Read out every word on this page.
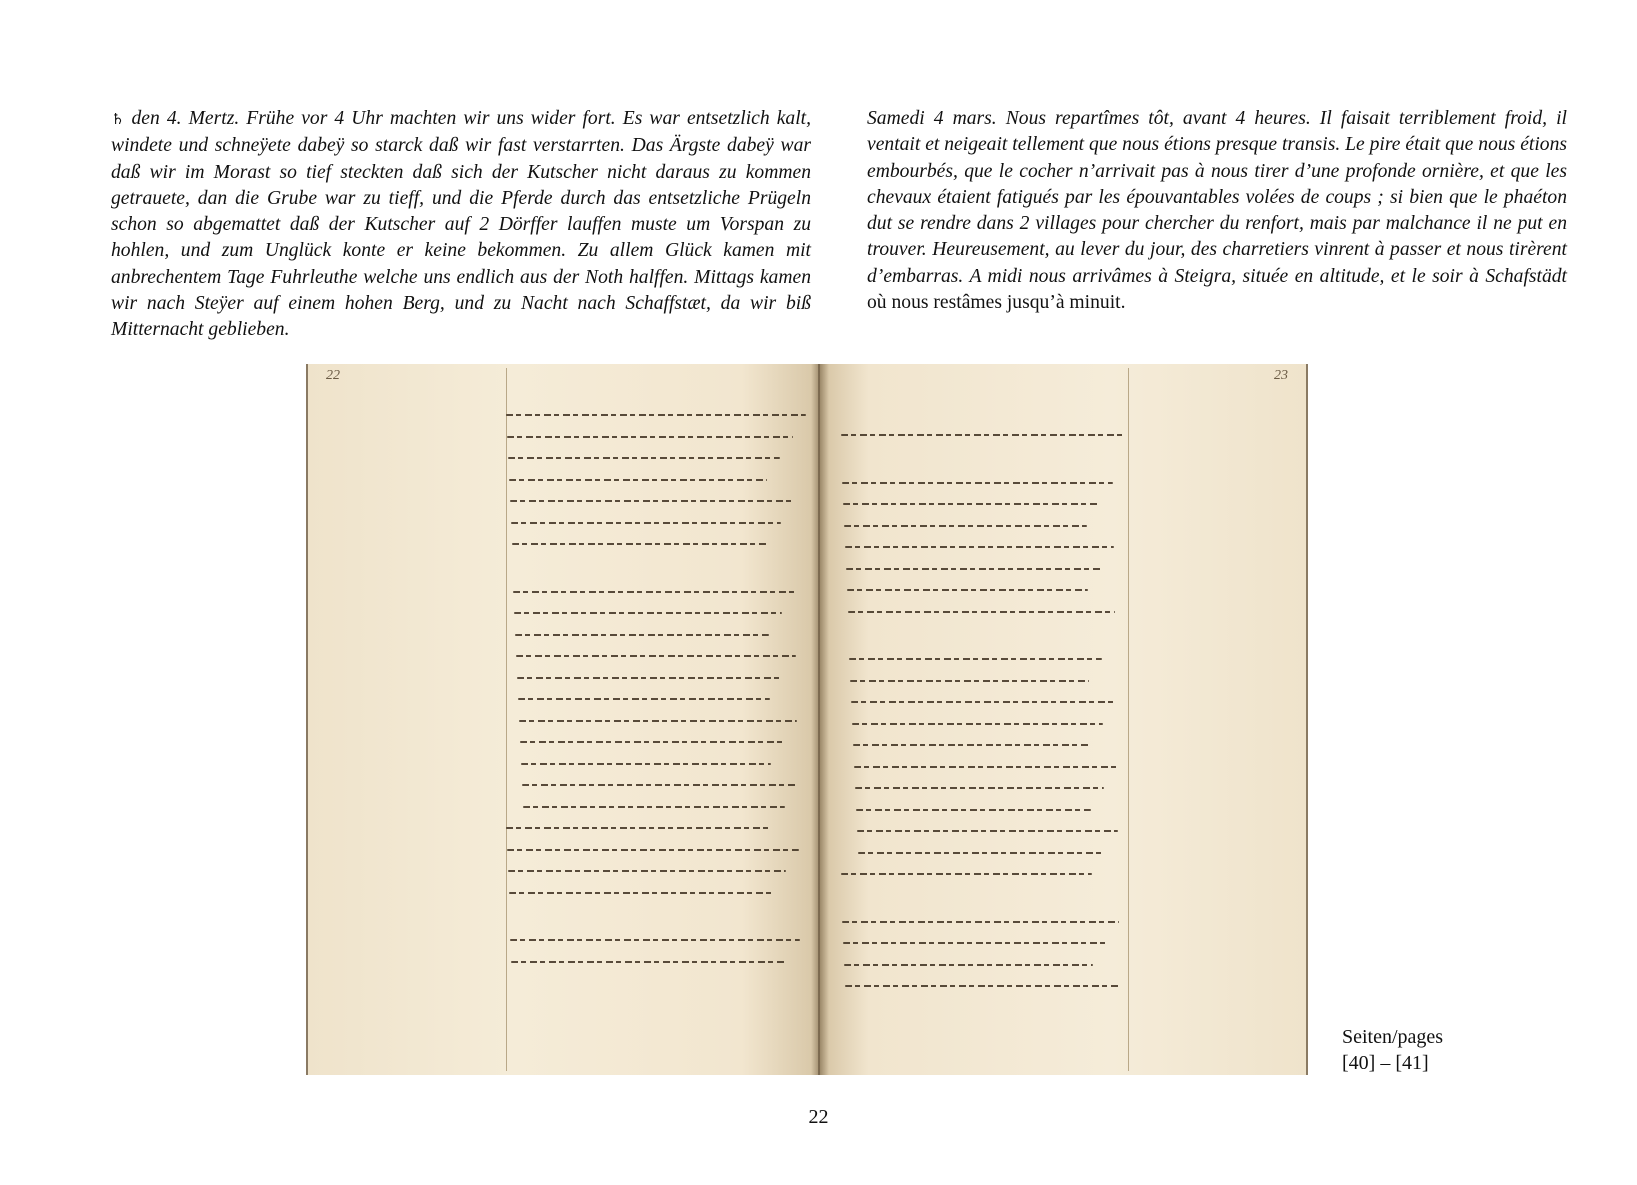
♄ den 4. Mertz. Frühe vor 4 Uhr machten wir uns wider fort. Es war entsetzlich kalt, windete und schneÿete dabeÿ so starck daß wir fast verstarrten. Das Ärgste dabeÿ war daß wir im Morast so tief steckten daß sich der Kutscher nicht daraus zu kommen getrauete, dan die Grube war zu tieff, und die Pferde durch das entsetzliche Prügeln schon so abgemattet daß der Kutscher auf 2 Dörffer lauffen muste um Vorspan zu hohlen, und zum Unglück konte er keine bekommen. Zu allem Glück kamen mit anbrechentem Tage Fuhrleuthe welche uns endlich aus der Noth halffen. Mittags kamen wir nach Steÿer auf einem hohen Berg, und zu Nacht nach Schaffstæt, da wir biß Mitternacht geblieben.

Samedi 4 mars. Nous repartîmes tôt, avant 4 heures. Il faisait terriblement froid, il ventait et neigeait tellement que nous étions presque transis. Le pire était que nous étions embourbés, que le cocher n’arrivait pas à nous tirer d’une profonde ornière, et que les chevaux étaient fatigués par les épouvantables volées de coups ; si bien que le phaéton dut se rendre dans 2 villages pour chercher du renfort, mais par malchance il ne put en trouver. Heureusement, au lever du jour, des charretiers vinrent à passer et nous tirèrent d’embarras. A midi nous arrivâmes à Steigra, située en altitude, et le soir à Schafstädt où nous restâmes jusqu’à minuit.

22	23
Seiten/pages
[40] – [41]
22
